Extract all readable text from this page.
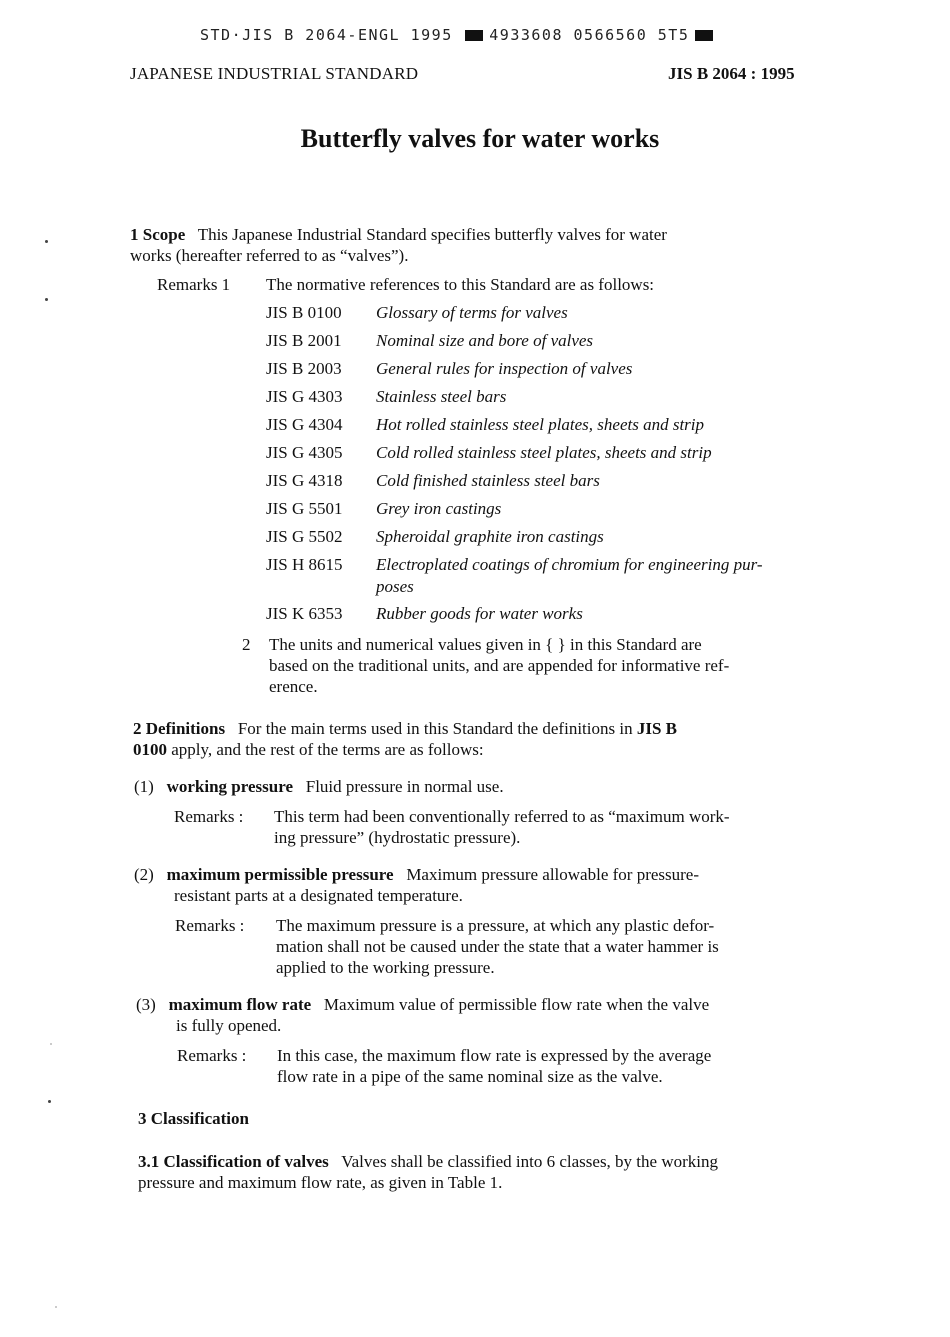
STD·JIS B 2064-ENGL 1995 4933608 0566560 5T5
JAPANESE INDUSTRIAL STANDARD	JIS B 2064 : 1995
Butterfly valves for water works
1 Scope This Japanese Industrial Standard specifies butterfly valves for water
works (hereafter referred to as “valves”).
Remarks 1 The normative references to this Standard are as follows:
JIS B 0100 Glossary of terms for valves
JIS B 2001 Nominal size and bore of valves
JIS B 2003 General rules for inspection of valves
JIS G 4303 Stainless steel bars
JIS G 4304 Hot rolled stainless steel plates, sheets and strip
JIS G 4305 Cold rolled stainless steel plates, sheets and strip
JIS G 4318 Cold finished stainless steel bars
JIS G 5501 Grey iron castings
JIS G 5502 Spheroidal graphite iron castings
JIS H 8615 Electroplated coatings of chromium for engineering pur-
poses
JIS K 6353 Rubber goods for water works
2 The units and numerical values given in { } in this Standard are
based on the traditional units, and are appended for informative ref-
erence.
2 Definitions For the main terms used in this Standard the definitions in JIS B
0100 apply, and the rest of the terms are as follows:
(1) working pressure Fluid pressure in normal use.
Remarks : This term had been conventionally referred to as “maximum work-
ing pressure” (hydrostatic pressure).
(2) maximum permissible pressure Maximum pressure allowable for pressure-
resistant parts at a designated temperature.
Remarks : The maximum pressure is a pressure, at which any plastic defor-
mation shall not be caused under the state that a water hammer is
applied to the working pressure.
(3) maximum flow rate Maximum value of permissible flow rate when the valve
is fully opened.
Remarks : In this case, the maximum flow rate is expressed by the average
flow rate in a pipe of the same nominal size as the valve.
3 Classification
3.1 Classification of valves Valves shall be classified into 6 classes, by the working
pressure and maximum flow rate, as given in Table 1.
